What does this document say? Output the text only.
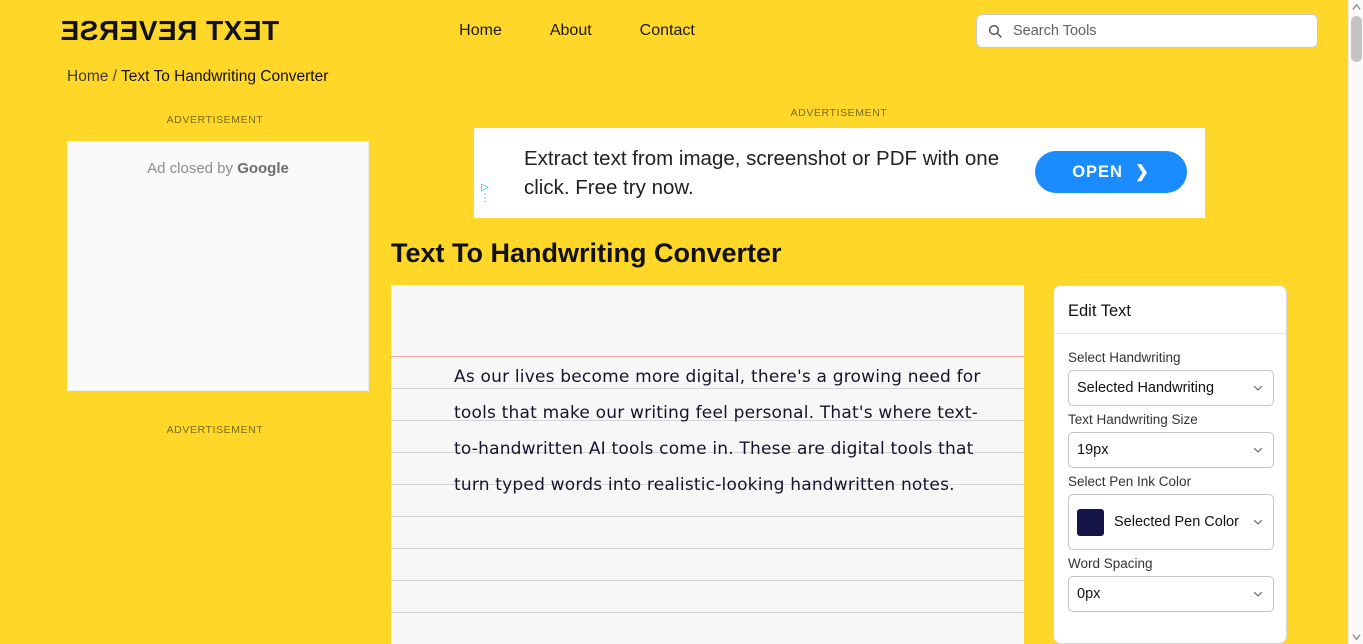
TEXT REVERSE	Home	About	Contact
Search Tools
Home / Text To Handwriting Converter
ADVERTISEMENT
Ad closed by Google
ADVERTISEMENT
ADVERTISEMENT
▷
⋮
Extract text from image, screenshot or PDF with one click. Free try now.
OPEN ❯
Text To Handwriting Converter
As our lives become more digital, there's a growing need for tools that make our writing feel personal. That's where text-to-handwritten AI tools come in. These are digital tools that turn typed words into realistic-looking handwritten notes.
Edit Text
Select Handwriting
Selected Handwriting
Text Handwriting Size
19px
Select Pen Ink Color
Selected Pen Color
Word Spacing
0px
